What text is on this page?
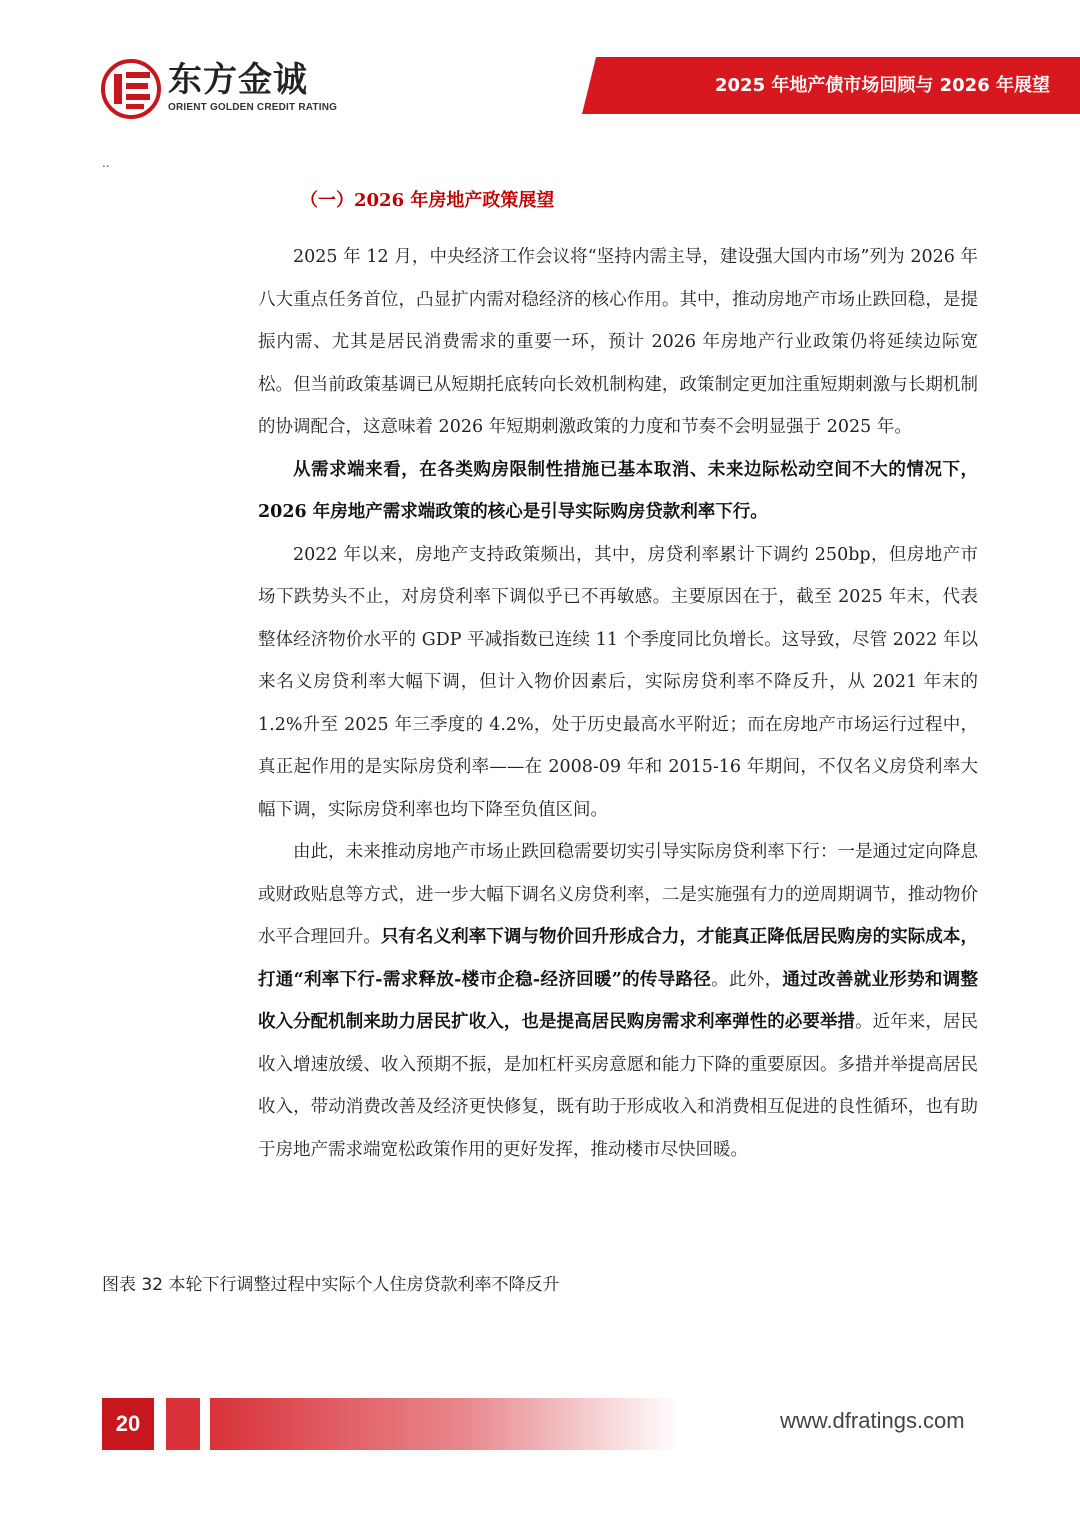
东方金诚
ORIENT GOLDEN CREDIT RATING
2025 年地产债市场回顾与 2026 年展望
..
（一）2026 年房地产政策展望

2025 年 12 月，中央经济工作会议将“坚持内需主导，建设强大国内市场”列为 2026 年八大重点任务首位，凸显扩内需对稳经济的核心作用。其中，推动房地产市场止跌回稳，是提振内需、尤其是居民消费需求的重要一环，预计 2026 年房地产行业政策仍将延续边际宽松。但当前政策基调已从短期托底转向长效机制构建，政策制定更加注重短期刺激与长期机制的协调配合，这意味着 2026 年短期刺激政策的力度和节奏不会明显强于 2025 年。

从需求端来看，在各类购房限制性措施已基本取消、未来边际松动空间不大的情况下，2026 年房地产需求端政策的核心是引导实际购房贷款利率下行。

2022 年以来，房地产支持政策频出，其中，房贷利率累计下调约 250bp，但房地产市场下跌势头不止，对房贷利率下调似乎已不再敏感。主要原因在于，截至 2025 年末，代表整体经济物价水平的 GDP 平减指数已连续 11 个季度同比负增长。这导致，尽管 2022 年以来名义房贷利率大幅下调，但计入物价因素后，实际房贷利率不降反升，从 2021 年末的 1.2%升至 2025 年三季度的 4.2%，处于历史最高水平附近；而在房地产市场运行过程中，真正起作用的是实际房贷利率——在 2008-09 年和 2015-16 年期间，不仅名义房贷利率大幅下调，实际房贷利率也均下降至负值区间。

由此，未来推动房地产市场止跌回稳需要切实引导实际房贷利率下行：一是通过定向降息或财政贴息等方式，进一步大幅下调名义房贷利率，二是实施强有力的逆周期调节，推动物价水平合理回升。只有名义利率下调与物价回升形成合力，才能真正降低居民购房的实际成本，打通“利率下行-需求释放-楼市企稳-经济回暖”的传导路径。此外，通过改善就业形势和调整收入分配机制来助力居民扩收入，也是提高居民购房需求利率弹性的必要举措。近年来，居民收入增速放缓、收入预期不振，是加杠杆买房意愿和能力下降的重要原因。多措并举提高居民收入，带动消费改善及经济更快修复，既有助于形成收入和消费相互促进的良性循环，也有助于房地产需求端宽松政策作用的更好发挥，推动楼市尽快回暖。

图表 32 本轮下行调整过程中实际个人住房贷款利率不降反升
20	www.dfratings.com
